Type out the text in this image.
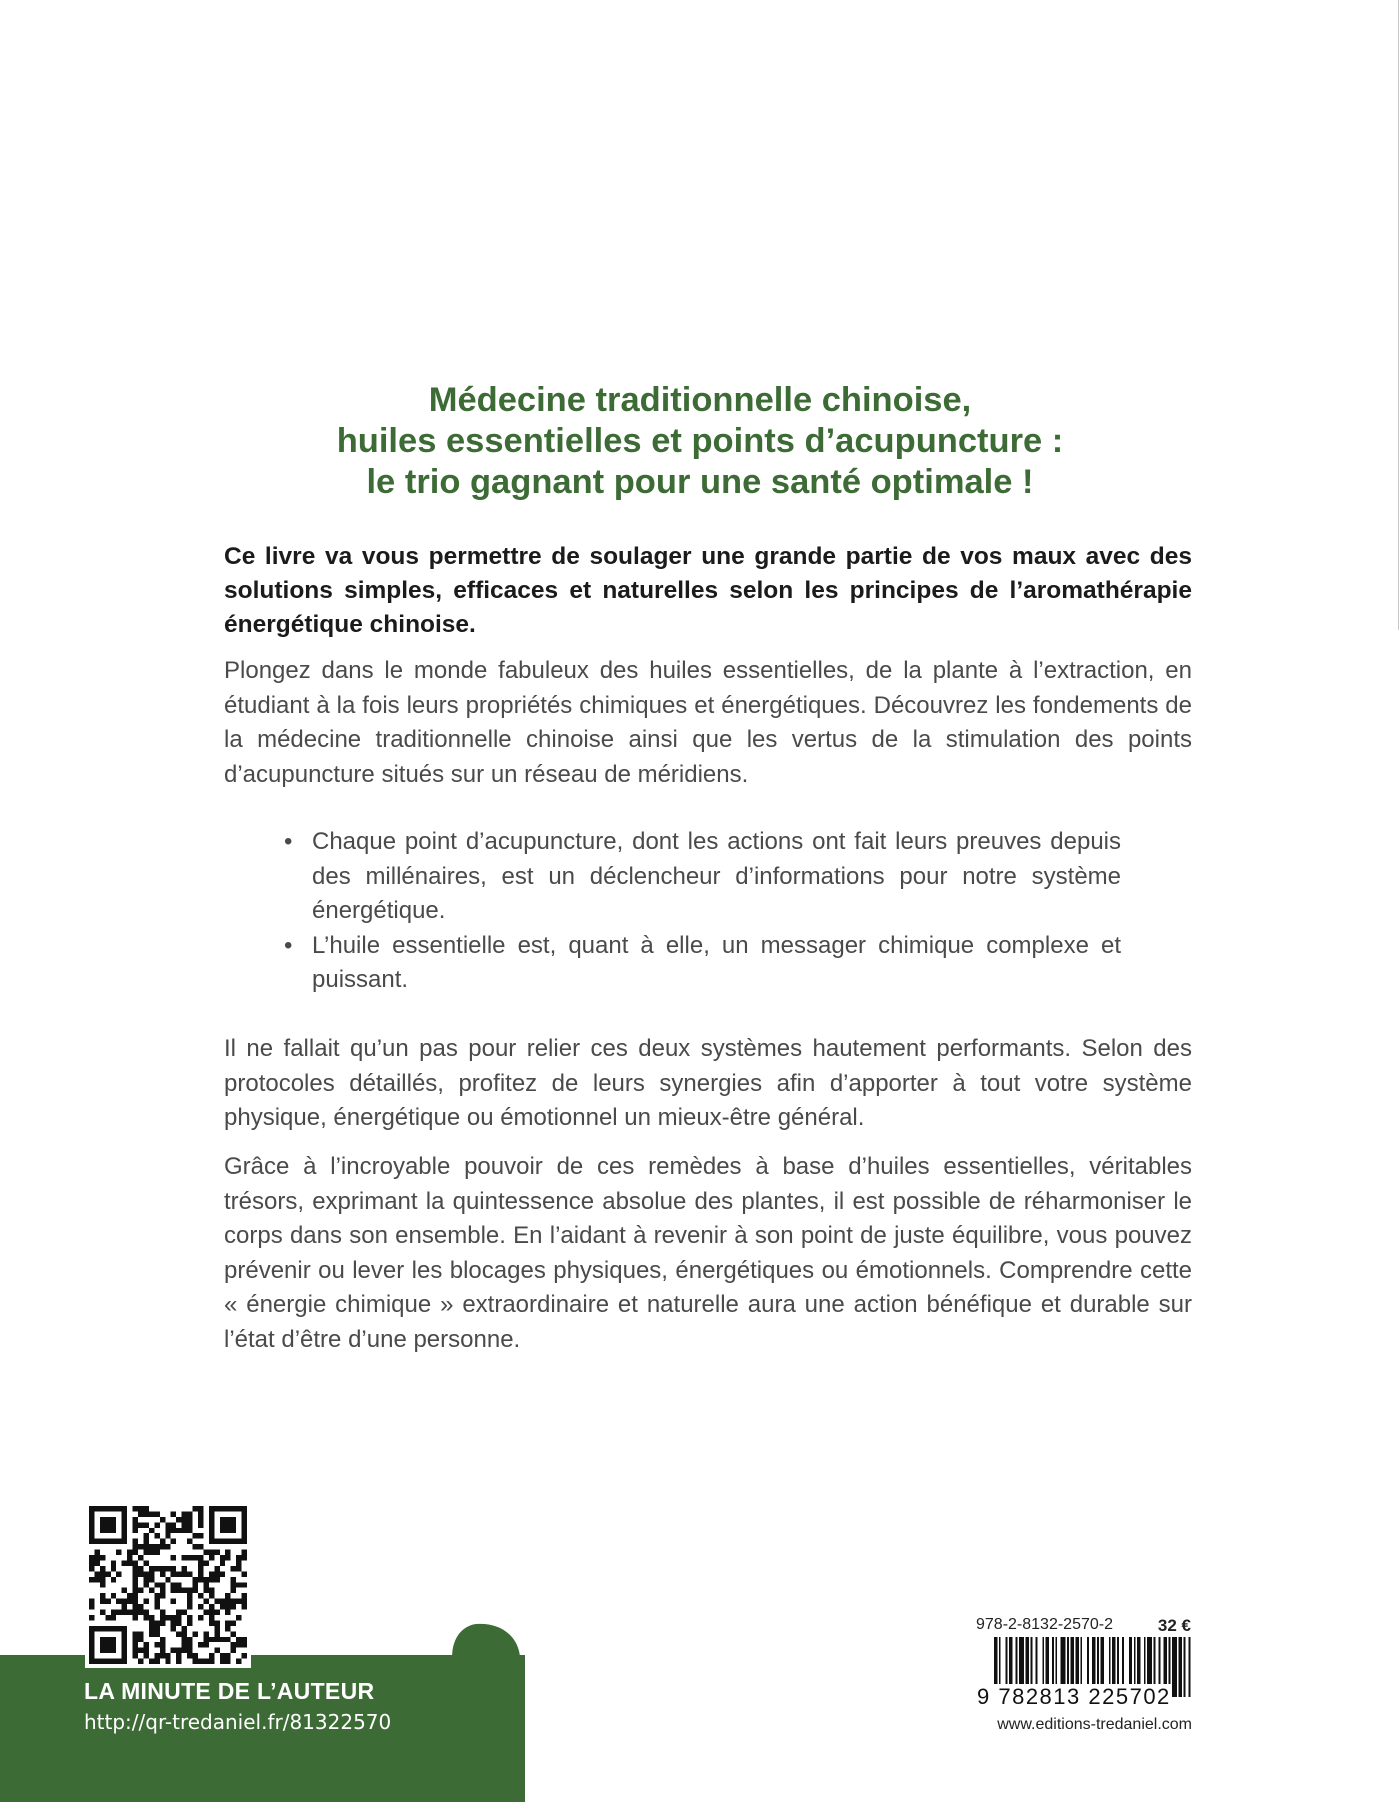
Médecine traditionnelle chinoise,
huiles essentielles et points d’acupuncture :
le trio gagnant pour une santé optimale !
Ce livre va vous permettre de soulager une grande partie de vos maux avec des solutions simples, efficaces et naturelles selon les principes de l’aromathérapie énergétique chinoise.
Plongez dans le monde fabuleux des huiles essentielles, de la plante à l’extraction, en étudiant à la fois leurs propriétés chimiques et énergétiques. Découvrez les fondements de la médecine traditionnelle chinoise ainsi que les vertus de la stimulation des points d’acupuncture situés sur un réseau de méridiens.
• Chaque point d’acupuncture, dont les actions ont fait leurs preuves depuis des millénaires, est un déclencheur d’informations pour notre système énergétique.
• L’huile essentielle est, quant à elle, un messager chimique complexe et puissant.
Il ne fallait qu’un pas pour relier ces deux systèmes hautement performants. Selon des protocoles détaillés, profitez de leurs synergies afin d’apporter à tout votre système physique, énergétique ou émotionnel un mieux-être général.
Grâce à l’incroyable pouvoir de ces remèdes à base d’huiles essentielles, véritables trésors, exprimant la quintessence absolue des plantes, il est possible de réharmoniser le corps dans son ensemble. En l’aidant à revenir à son point de juste équilibre, vous pouvez prévenir ou lever les blocages physiques, énergétiques ou émotionnels. Comprendre cette « énergie chimique » extraordinaire et naturelle aura une action bénéfique et durable sur l’état d’être d’une personne.
LA MINUTE DE L’AUTEUR
http://qr-tredaniel.fr/81322570
978-2-8132-2570-2	32 €
9 782813 225702
www.editions-tredaniel.com
